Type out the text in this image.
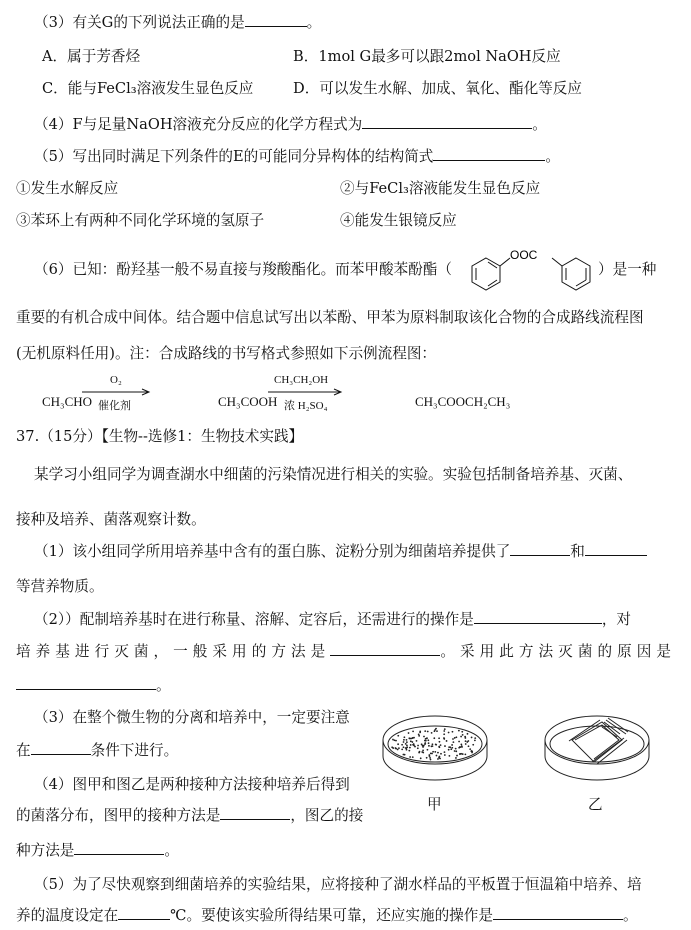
（3）有关G的下列说法正确的是	。
A．属于芳香烃	B．1mol G最多可以跟2mol NaOH反应
C．能与FeCl₃溶液发生显色反应	D．可以发生水解、加成、氧化、酯化等反应
（4）F与足量NaOH溶液充分反应的化学方程式为	。
（5）写出同时满足下列条件的E的可能同分异构体的结构简式	。
①发生水解反应	②与FeCl₃溶液能发生显色反应
③苯环上有两种不同化学环境的氢原子	④能发生银镜反应
（6）已知：酚羟基一般不易直接与羧酸酯化。而苯甲酸苯酚酯（
OOC
）是一种
重要的有机合成中间体。结合题中信息试写出以苯酚、甲苯为原料制取该化合物的合成路线流程图
(无机原料任用)。注：合成路线的书写格式参照如下示例流程图：
CH₃CHO
O₂
催化剂	CH₃COOH
CH₃CH₂OH
浓 H₂SO₄	CH₃COOCH₂CH₃
37.（15分）【生物--选修1：生物技术实践】
某学习小组同学为调查湖水中细菌的污染情况进行相关的实验。实验包括制备培养基、灭菌、
接种及培养、菌落观察计数。
（1）该小组同学所用培养基中含有的蛋白胨、淀粉分别为细菌培养提供了	和
等营养物质。
（2））配制培养基时在进行称量、溶解、定容后，还需进行的操作是	，对
培养基进行灭菌，一般采用的方法是	。采用此方法灭菌的原因是
。
（3）在整个微生物的分离和培养中，一定要注意
在	条件下进行。
（4）图甲和图乙是两种接种方法接种培养后得到
的菌落分布，图甲的接种方法是	，图乙的接
种方法是	。
（5）为了尽快观察到细菌培养的实验结果，应将接种了湖水样品的平板置于恒温箱中培养、培
养的温度设定在	℃。要使该实验所得结果可靠，还应实施的操作是	。
甲	乙
